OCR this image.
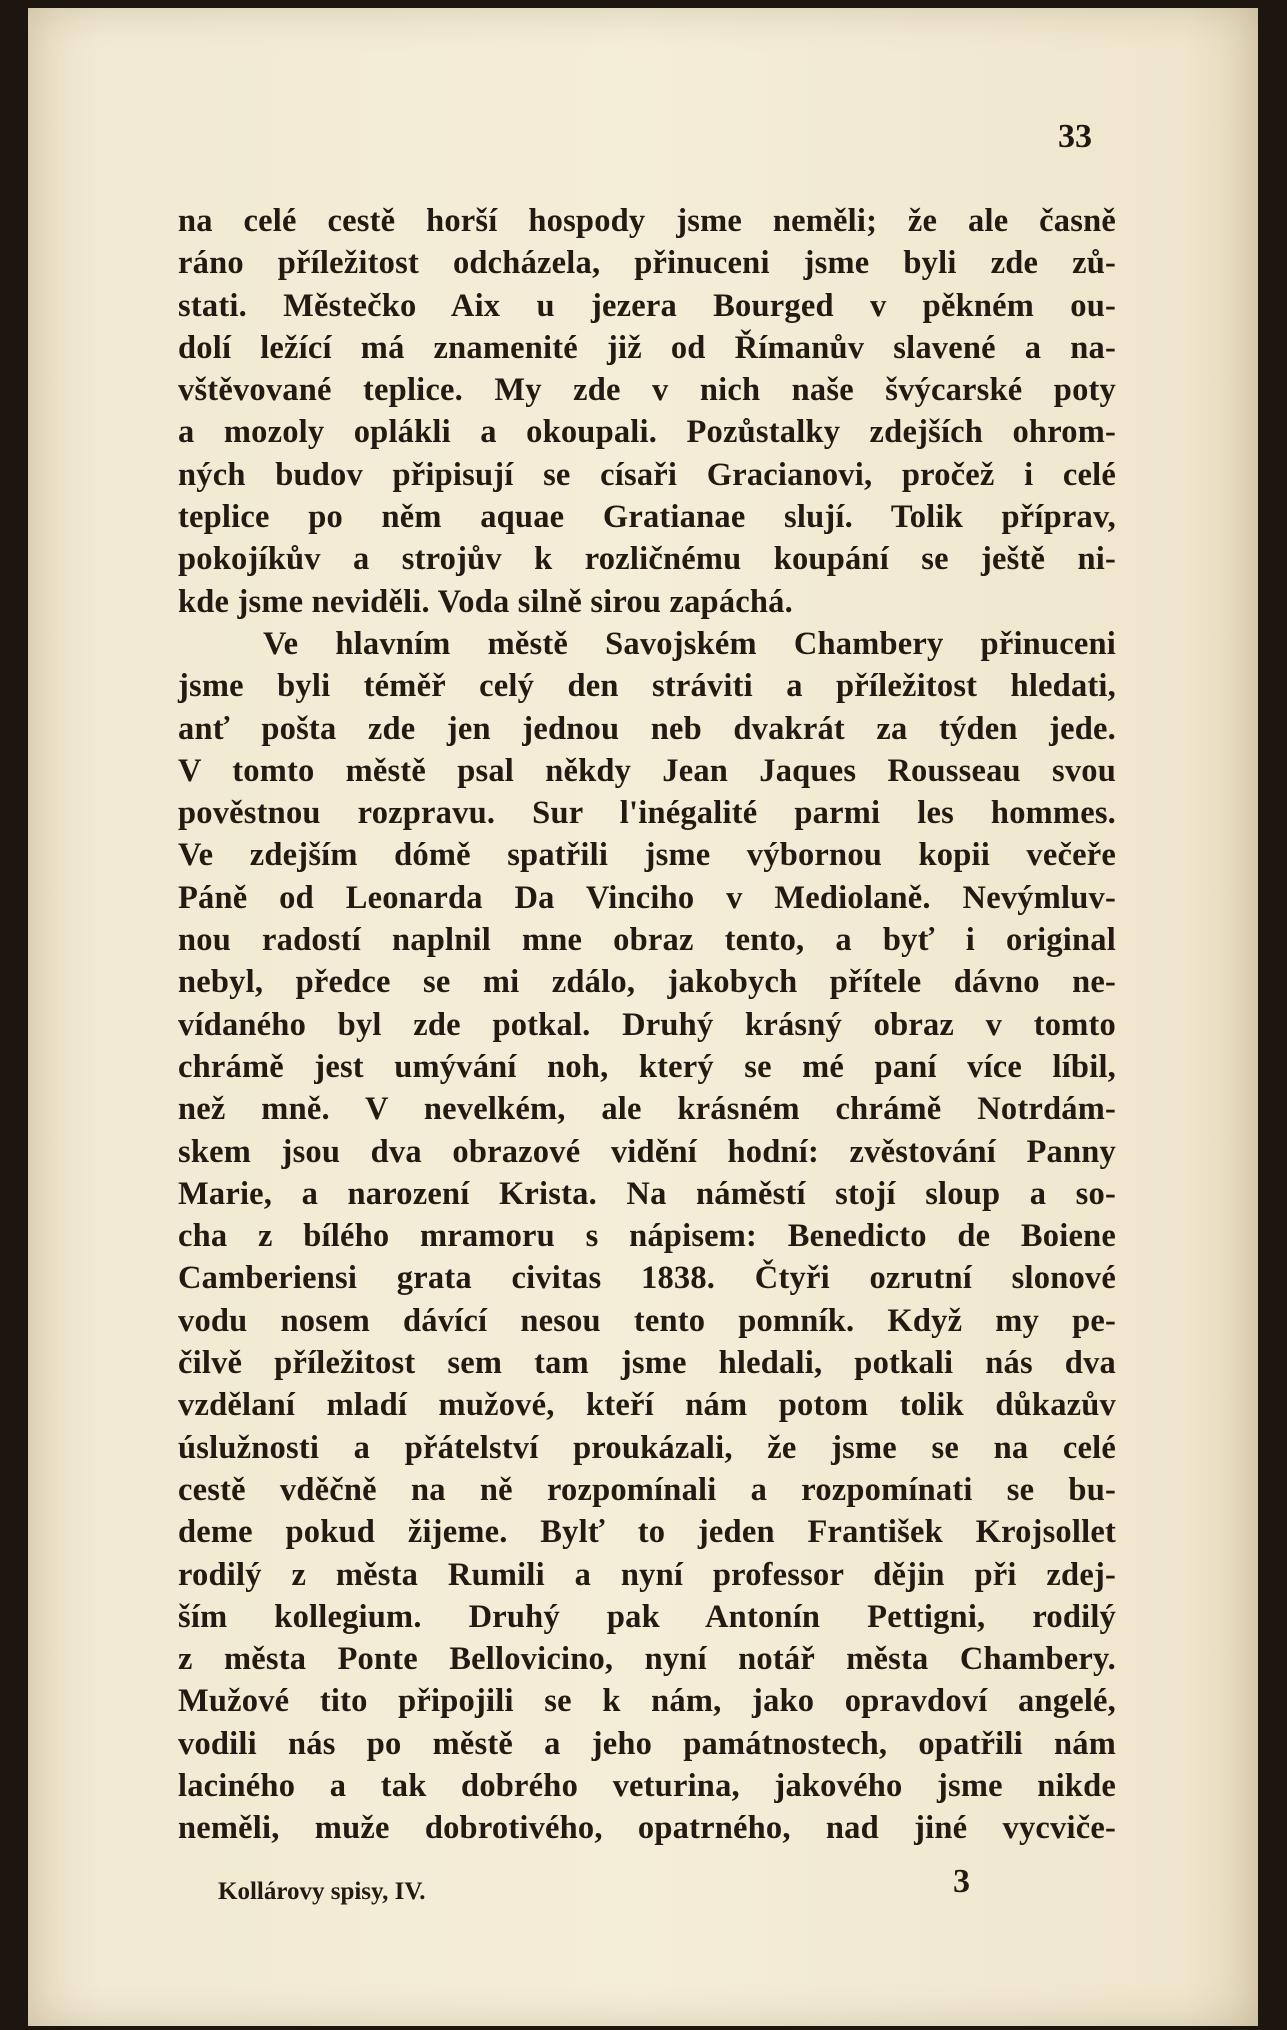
33
na celé cestě horší hospody jsme neměli; že ale časně
ráno příležitost odcházela, přinuceni jsme byli zde zů-
stati. Městečko Aix u jezera Bourged v pěkném ou-
dolí ležící má znamenité již od Římanův slavené a na-
vštěvované teplice. My zde v nich naše švýcarské poty
a mozoly oplákli a okoupali. Pozůstalky zdejších ohrom-
ných budov připisují se císaři Gracianovi, pročež i celé
teplice po něm aquae Gratianae slují. Tolik příprav,
pokojíkův a strojův k rozličnému koupání se ještě ni-
kde jsme neviděli. Voda silně sirou zapáchá.
Ve hlavním městě Savojském Chambery přinuceni
jsme byli téměř celý den stráviti a příležitost hledati,
anť pošta zde jen jednou neb dvakrát za týden jede.
V tomto městě psal někdy Jean Jaques Rousseau svou
pověstnou rozpravu. Sur l'inégalité parmi les hommes.
Ve zdejším dómě spatřili jsme výbornou kopii večeře
Páně od Leonarda Da Vinciho v Mediolaně. Nevýmluv-
nou radostí naplnil mne obraz tento, a byť i original
nebyl, předce se mi zdálo, jakobych přítele dávno ne-
vídaného byl zde potkal. Druhý krásný obraz v tomto
chrámě jest umývání noh, který se mé paní více líbil,
než mně. V nevelkém, ale krásném chrámě Notrdám-
skem jsou dva obrazové vidění hodní: zvěstování Panny
Marie, a narození Krista. Na náměstí stojí sloup a so-
cha z bílého mramoru s nápisem: Benedicto de Boiene
Camberiensi grata civitas 1838. Čtyři ozrutní slonové
vodu nosem dávící nesou tento pomník. Když my pe-
čilvě příležitost sem tam jsme hledali, potkali nás dva
vzdělaní mladí mužové, kteří nám potom tolik důkazův
úslužnosti a přátelství proukázali, že jsme se na celé
cestě vděčně na ně rozpomínali a rozpomínati se bu-
deme pokud žijeme. Bylť to jeden František Krojsollet
rodilý z města Rumili a nyní professor dějin při zdej-
ším kollegium. Druhý pak Antonín Pettigni, rodilý
z města Ponte Bellovicino, nyní notář města Chambery.
Mužové tito připojili se k nám, jako opravdoví angelé,
vodili nás po městě a jeho památnostech, opatřili nám
laciného a tak dobrého veturina, jakového jsme nikde
neměli, muže dobrotivého, opatrného, nad jiné vycviče-
Kollárovy spisy, IV.	3
